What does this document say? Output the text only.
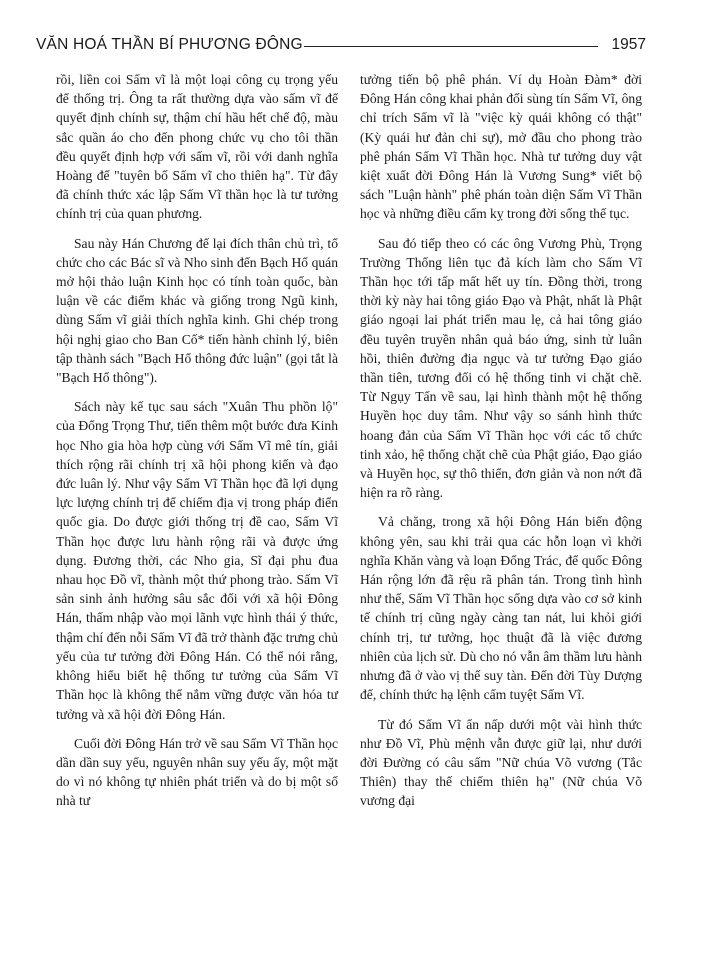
VĂN HOÁ THẦN BÍ PHƯƠNG ĐÔNG	1957

rồi, liền coi Sấm vĩ là một loại công cụ trọng yếu để thống trị. Ông ta rất thường dựa vào sấm vĩ để quyết định chính sự, thậm chí hầu hết chế độ, màu sắc quần áo cho đến phong chức vụ cho tôi thần đều quyết định hợp với sấm vĩ, rồi với danh nghĩa Hoàng đế "tuyên bố Sấm vĩ cho thiên hạ". Từ đây đã chính thức xác lập Sấm Vĩ thần học là tư tưởng chính trị của quan phương.

Sau này Hán Chương đế lại đích thân chủ trì, tổ chức cho các Bác sĩ và Nho sinh đến Bạch Hổ quán mở hội thảo luận Kinh học có tính toàn quốc, bàn luận về các điểm khác và giống trong Ngũ kinh, dùng Sấm vĩ giải thích nghĩa kinh. Ghi chép trong hội nghị giao cho Ban Cố* tiến hành chỉnh lý, biên tập thành sách "Bạch Hổ thông đức luận" (gọi tắt là "Bạch Hổ thông").

Sách này kế tục sau sách "Xuân Thu phồn lộ" của Đổng Trọng Thư, tiến thêm một bước đưa Kinh học Nho gia hòa hợp cùng với Sấm Vĩ mê tín, giải thích rộng rãi chính trị xã hội phong kiến và đạo đức luân lý. Như vậy Sấm Vĩ Thần học đã lợi dụng lực lượng chính trị để chiếm địa vị trong pháp điển quốc gia. Do được giới thống trị đề cao, Sấm Vĩ Thần học được lưu hành rộng rãi và được ứng dụng. Đương thời, các Nho gia, Sĩ đại phu đua nhau học Đồ vĩ, thành một thứ phong trào. Sấm Vĩ sản sinh ảnh hưởng sâu sắc đối với xã hội Đông Hán, thấm nhập vào mọi lãnh vực hình thái ý thức, thậm chí đến nỗi Sấm Vĩ đã trở thành đặc trưng chủ yếu của tư tưởng đời Đông Hán. Có thể nói rằng, không hiểu biết hệ thống tư tưởng của Sấm Vĩ Thần học là không thể nắm vững được văn hóa tư tưởng và xã hội đời Đông Hán.

Cuối đời Đông Hán trở về sau Sấm Vĩ Thần học dần dần suy yếu, nguyên nhân suy yếu ấy, một mặt do vì nó không tự nhiên phát triển và do bị một số nhà tư

tưởng tiến bộ phê phán. Ví dụ Hoàn Đàm* đời Đông Hán công khai phản đối sùng tín Sấm Vĩ, ông chỉ trích Sấm vĩ là "việc kỳ quái không có thật" (Kỳ quái hư đản chi sự), mở đầu cho phong trào phê phán Sấm Vĩ Thần học. Nhà tư tưởng duy vật kiệt xuất đời Đông Hán là Vương Sung* viết bộ sách "Luận hành" phê phán toàn diện Sấm Vĩ Thần học và những điều cấm kỵ trong đời sống thế tục.

Sau đó tiếp theo có các ông Vương Phù, Trọng Trường Thống liên tục đả kích làm cho Sấm Vĩ Thần học tới tấp mất hết uy tín. Đồng thời, trong thời kỳ này hai tông giáo Đạo và Phật, nhất là Phật giáo ngoại lai phát triển mau lẹ, cả hai tông giáo đều tuyên truyền nhân quả báo ứng, sinh tử luân hồi, thiên đường địa ngục và tư tưởng Đạo giáo thần tiên, tương đối có hệ thống tinh vi chặt chẽ. Từ Ngụy Tấn về sau, lại hình thành một hệ thống Huyền học duy tâm. Như vậy so sánh hình thức hoang đản của Sấm Vĩ Thần học với các tổ chức tinh xảo, hệ thống chặt chẽ của Phật giáo, Đạo giáo và Huyền học, sự thô thiển, đơn giản và non nớt đã hiện ra rõ ràng.

Vả chăng, trong xã hội Đông Hán biến động không yên, sau khi trải qua các hỗn loạn vì khởi nghĩa Khăn vàng và loạn Đổng Trác, để quốc Đông Hán rộng lớn đã rệu rã phân tán. Trong tình hình như thế, Sấm Vĩ Thần học sống dựa vào cơ sở kinh tế chính trị cũng ngày càng tan nát, lui khỏi giới chính trị, tư tưởng, học thuật đã là việc đương nhiên của lịch sử. Dù cho nó vẫn âm thầm lưu hành nhưng đã ở vào vị thế suy tàn. Đến đời Tùy Dượng đế, chính thức hạ lệnh cấm tuyệt Sấm Vĩ.

Từ đó Sấm Vĩ ẩn nấp dưới một vài hình thức như Đồ Vĩ, Phù mệnh vẫn được giữ lại, như dưới đời Đường có câu sấm "Nữ chúa Võ vương (Tắc Thiên) thay thế chiếm thiên hạ" (Nữ chúa Võ vương đại
